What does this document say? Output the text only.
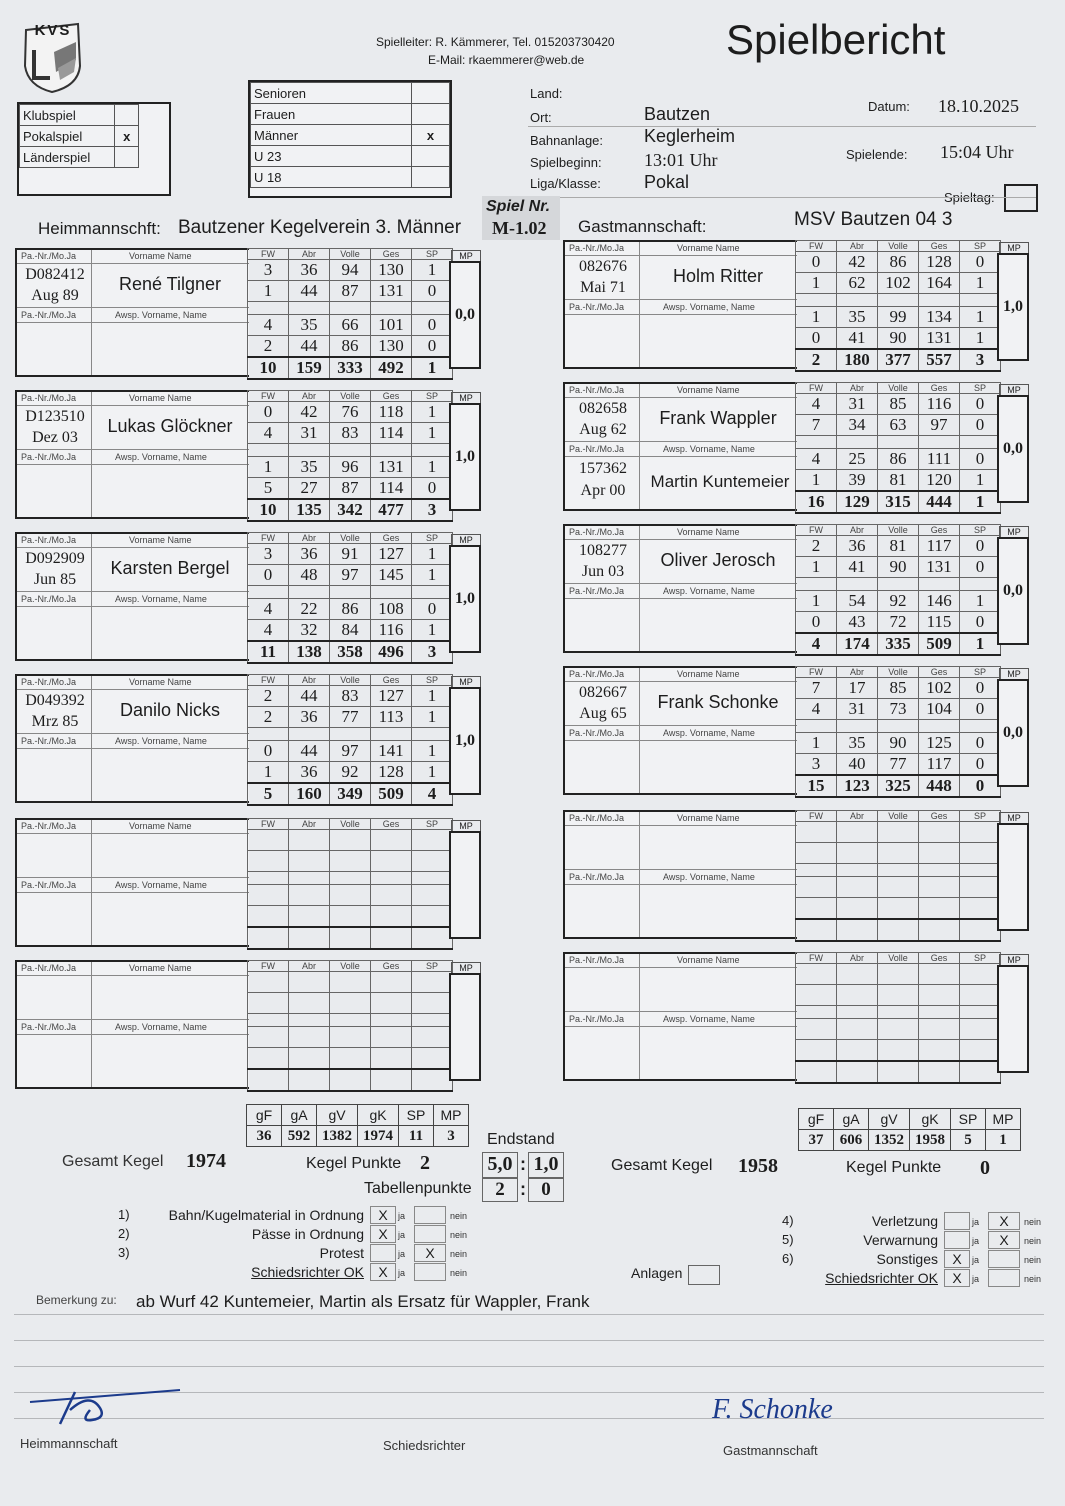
KVS
Spielleiter: R. Kämmerer, Tel. 015203730420
E-Mail: rkaemmerer@web.de	Spielbericht
Klubspiel	
Pokalspiel	x
Länderspiel	
Senioren	
Frauen	
Männer	x
U 23	
U 18	
Land:
Ort:	Bautzen
Bahnanlage: Keglerheim
Spielbeginn: 13:01 Uhr
Liga/Klasse: Pokal
Datum: 18.10.2025
Spielende: 15:04 Uhr
Spieltag:
Spiel Nr.
M-1.02
Heimmannschft: Bautzener Kegelverein 3. Männer	Gastmannschaft:	MSV Bautzen 04 3
Pa.-Nr./Mo.Ja	Vorname Name
Pa.-Nr./Mo.Ja	Awsp. Vorname, Name
D082412
Aug 89
René Tilgner
FW	Abr	Volle	Ges	SP
3	36	94	130	1
1	44	87	131	0

4	35	66	101	0
2	44	86	130	0
10	159	333	492	1
MP
0,0
Pa.-Nr./Mo.Ja	Vorname Name
Pa.-Nr./Mo.Ja	Awsp. Vorname, Name
082676
Mai 71
Holm Ritter
FW	Abr	Volle	Ges	SP
0	42	86	128	0
1	62	102	164	1

1	35	99	134	1
0	41	90	131	1
2	180	377	557	3
MP
1,0
Pa.-Nr./Mo.Ja	Vorname Name
Pa.-Nr./Mo.Ja	Awsp. Vorname, Name
D123510
Dez 03
Lukas Glöckner
FW	Abr	Volle	Ges	SP
0	42	76	118	1
4	31	83	114	1

1	35	96	131	1
5	27	87	114	0
10	135	342	477	3
MP
1,0
Pa.-Nr./Mo.Ja	Vorname Name
Pa.-Nr./Mo.Ja	Awsp. Vorname, Name
082658
Aug 62
Frank Wappler
157362
Apr 00	Martin Kuntemeier
FW	Abr	Volle	Ges	SP
4	31	85	116	0
7	34	63	97	0

4	25	86	111	0
1	39	81	120	1
16	129	315	444	1
MP
0,0
Pa.-Nr./Mo.Ja	Vorname Name
Pa.-Nr./Mo.Ja	Awsp. Vorname, Name
D092909
Jun 85
Karsten Bergel
FW	Abr	Volle	Ges	SP
3	36	91	127	1
0	48	97	145	1

4	22	86	108	0
4	32	84	116	1
11	138	358	496	3
MP
1,0
Pa.-Nr./Mo.Ja	Vorname Name
Pa.-Nr./Mo.Ja	Awsp. Vorname, Name
108277
Jun 03
Oliver Jerosch
FW	Abr	Volle	Ges	SP
2	36	81	117	0
1	41	90	131	0

1	54	92	146	1
0	43	72	115	0
4	174	335	509	1
MP
0,0
Pa.-Nr./Mo.Ja	Vorname Name
Pa.-Nr./Mo.Ja	Awsp. Vorname, Name
D049392
Mrz 85
Danilo Nicks
FW	Abr	Volle	Ges	SP
2	44	83	127	1
2	36	77	113	1

0	44	97	141	1
1	36	92	128	1
5	160	349	509	4
MP
1,0
Pa.-Nr./Mo.Ja	Vorname Name
Pa.-Nr./Mo.Ja	Awsp. Vorname, Name
082667
Aug 65
Frank Schonke
FW	Abr	Volle	Ges	SP
7	17	85	102	0
4	31	73	104	0

1	35	90	125	0
3	40	77	117	0
15	123	325	448	0
MP
0,0
Pa.-Nr./Mo.Ja	Vorname Name
Pa.-Nr./Mo.Ja	Awsp. Vorname, Name
FW	Abr	Volle	Ges	SP

					MP
Pa.-Nr./Mo.Ja	Vorname Name
Pa.-Nr./Mo.Ja	Awsp. Vorname, Name
FW	Abr	Volle	Ges	SP

					MP
Pa.-Nr./Mo.Ja	Vorname Name
Pa.-Nr./Mo.Ja	Awsp. Vorname, Name
FW	Abr	Volle	Ges	SP

					MP
Pa.-Nr./Mo.Ja	Vorname Name
Pa.-Nr./Mo.Ja	Awsp. Vorname, Name
FW	Abr	Volle	Ges	SP

					MP
gF	gA	gV	gK	SP	MP
36	592	1382	1974	11	3
gF	gA	gV	gK	SP	MP
37	606	1352	1958	5	1
Endstand
5,0 : 1,0
Tabellenpunkte	2 : 0
Gesamt Kegel 1974	Kegel Punkte 2	Gesamt Kegel 1958	Kegel Punkte 0
1)	Bahn/Kugelmaterial in Ordnung	X	ja	nein
2)	Pässe in Ordnung	X	ja	nein
3)	Protest	ja	X	nein
Schiedsrichter OK	X	ja	nein
4)	Verletzung	ja	X	nein
5)	Verwarnung	ja	X	nein
6)	Sonstiges	X	ja	nein
Schiedsrichter OK	X	ja	nein
Anlagen
Bemerkung zu: ab Wurf 42 Kuntemeier, Martin als Ersatz für Wappler, Frank
Heimmannschaft	Schiedsrichter
F. Schonke
Gastmannschaft
